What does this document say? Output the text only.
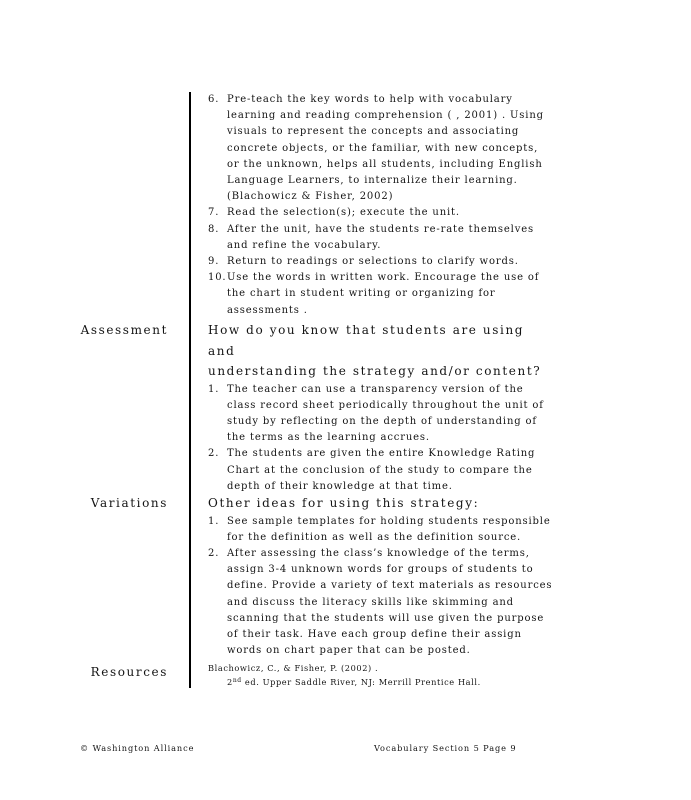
6. Pre-teach the key words to help with vocabulary learning and reading comprehension ( , 2001) . Using visuals to represent the concepts and associating concrete objects, or the familiar, with new concepts, or the unknown, helps all students, including English Language Learners, to internalize their learning. (Blachowicz & Fisher, 2002)
7. Read the selection(s); execute the unit.
8. After the unit, have the students re-rate themselves and refine the vocabulary.
9. Return to readings or selections to clarify words.
10. Use the words in written work. Encourage the use of the chart in student writing or organizing for assessments .
Assessment	How do you know that students are using and
understanding the strategy and/or content?
1. The teacher can use a transparency version of the class record sheet periodically throughout the unit of study by reflecting on the depth of understanding of the terms as the learning accrues.
2. The students are given the entire Knowledge Rating Chart at the conclusion of the study to compare the depth of their knowledge at that time.
Variations	Other ideas for using this strategy:
1. See sample templates for holding students responsible for the definition as well as the definition source.
2. After assessing the class’s knowledge of the terms, assign 3-4 unknown words for groups of students to define. Provide a variety of text materials as resources and discuss the literacy skills like skimming and scanning that the students will use given the purpose of their task. Have each group define their assign words on chart paper that can be posted.
Resources	Blachowicz, C., & Fisher, P. (2002) .
2nd ed. Upper Saddle River, NJ: Merrill Prentice Hall.
© Washington Alliance	Vocabulary Section 5 Page 9
